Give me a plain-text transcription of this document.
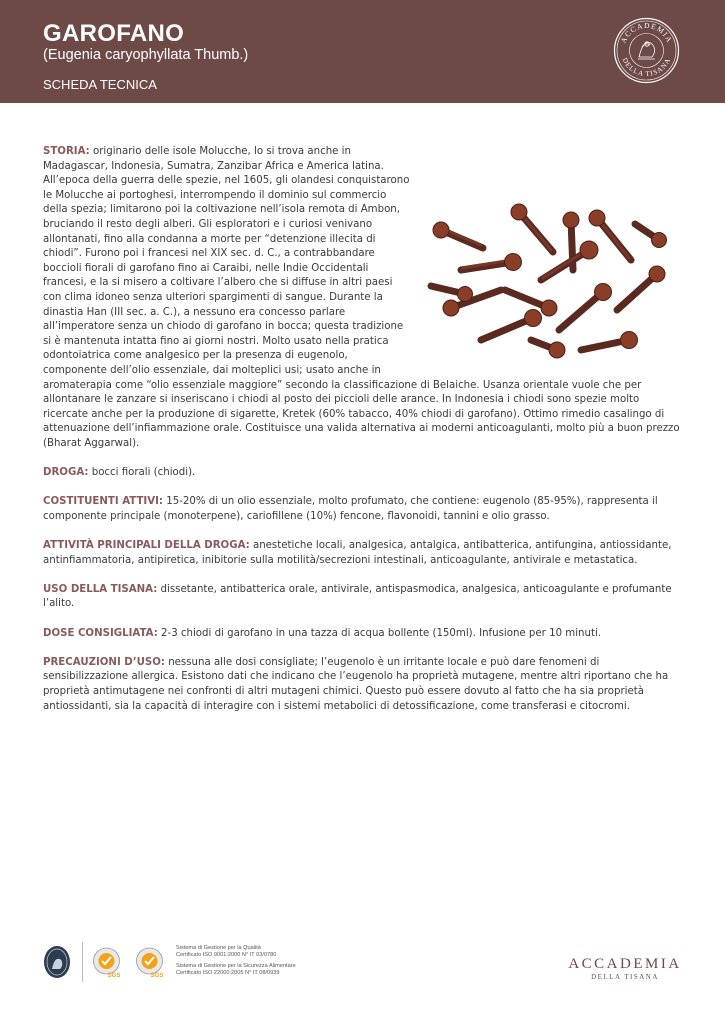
GAROFANO
(Eugenia caryophyllata Thumb.)
SCHEDA TECNICA
ACCADEMIA
DELLA TISANA

STORIA: originario delle isole Molucche, lo si trova anche in Madagascar, Indonesia, Sumatra, Zanzibar Africa e America latina. All’epoca della guerra delle spezie, nel 1605, gli olandesi conquistarono le Molucche ai portoghesi, interrompendo il dominio sul commercio della spezia; limitarono poi la coltivazione nell’isola remota di Ambon, bruciando il resto degli alberi. Gli esploratori e i curiosi venivano allontanati, fino alla condanna a morte per “detenzione illecita di chiodi”. Furono poi i francesi nel XIX sec. d. C., a contrabbandare boccioli fiorali di garofano fino ai Caraibi, nelle Indie Occidentali francesi, e la si misero a coltivare l’albero che si diffuse in altri paesi con clima idoneo senza ulteriori spargimenti di sangue. Durante la dinastia Han (III sec. a. C.), a nessuno era concesso parlare all’imperatore senza un chiodo di garofano in bocca; questa tradizione si è mantenuta intatta fino ai giorni nostri. Molto usato nella pratica odontoiatrica come analgesico per la presenza di eugenolo, componente dell’olio essenziale, dai molteplici usi; usato anche in aromaterapia come “olio essenziale maggiore” secondo la classificazione di Belaiche. Usanza orientale vuole che per allontanare le zanzare si inseriscano i chiodi al posto dei piccioli delle arance. In Indonesia i chiodi sono spezie molto ricercate anche per la produzione di sigarette, Kretek (60% tabacco, 40% chiodi di garofano). Ottimo rimedio casalingo di attenuazione dell’infiammazione orale. Costituisce una valida alternativa ai moderni anticoagulanti, molto più a buon prezzo (Bharat Aggarwal).

DROGA: bocci fiorali (chiodi).

COSTITUENTI ATTIVI: 15-20% di un olio essenziale, molto profumato, che contiene: eugenolo (85-95%), rappresenta il componente principale (monoterpene), cariofillene (10%) fencone, flavonoidi, tannini e olio grasso.

ATTIVITÀ PRINCIPALI DELLA DROGA: anestetiche locali, analgesica, antalgica, antibatterica, antifungina, antiossidante, antinfiammatoria, antipiretica, inibitorie sulla motilità/secrezioni intestinali, anticoagulante, antivirale e metastatica.

USO DELLA TISANA: dissetante, antibatterica orale, antivirale, antispasmodica, analgesica, anticoagulante e profumante l’alito.

DOSE CONSIGLIATA: 2-3 chiodi di garofano in una tazza di acqua bollente (150ml). Infusione per 10 minuti.

PRECAUZIONI D’USO: nessuna alle dosi consigliate; l’eugenolo è un irritante locale e può dare fenomeni di sensibilizzazione allergica. Esistono dati che indicano che l’eugenolo ha proprietà mutagene, mentre altri riportano che ha proprietà antimutagene nei confronti di altri mutageni chimici. Questo può essere dovuto al fatto che ha sia proprietà antiossidanti, sia la capacità di interagire con i sistemi metabolici di detossificazione, come transferasi e citocromi.

SGS	SGS
Sistema di Gestione per la Qualità
Certificato ISO 9001:2000 N° IT 03/0780
Sistema di Gestione per la Sicurezza Alimentare
Certificato ISO 22000:2005 N° IT 08/0939
ACCADEMIA
DELLA TISANA
